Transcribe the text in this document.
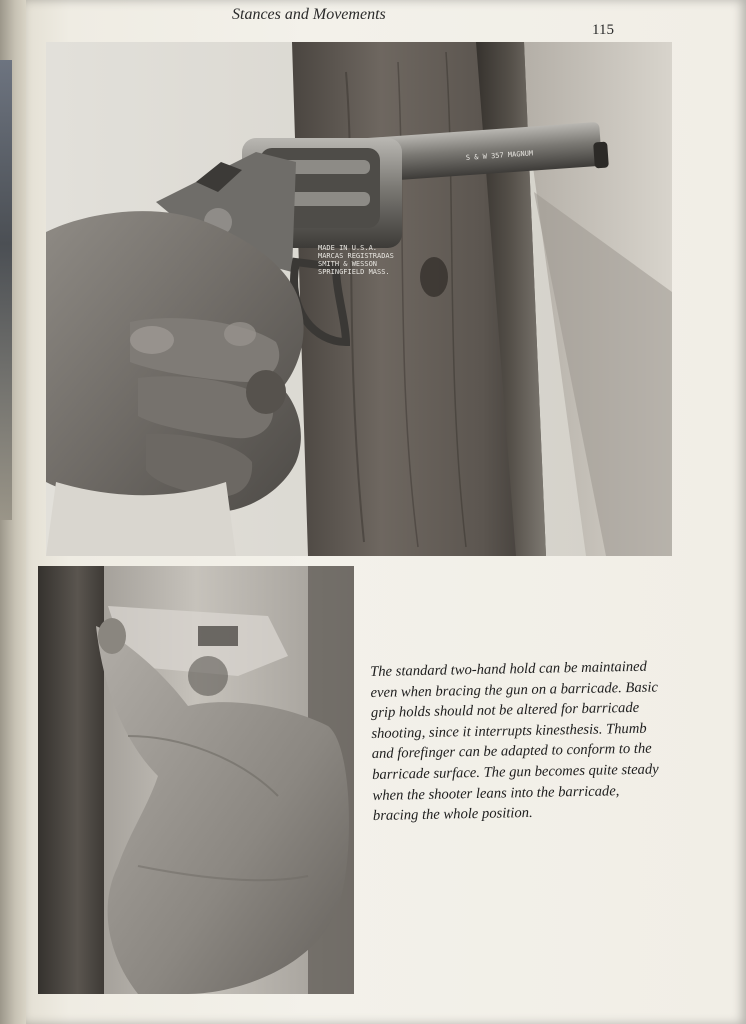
Stances and Movements
115
S & W 357 MAGNUM
MADE IN U.S.A.
MARCAS REGISTRADAS
SMITH & WESSON
SPRINGFIELD MASS.
The standard two-hand hold can be maintained
even when bracing the gun on a barricade. Basic
grip holds should not be altered for barricade
shooting, since it interrupts kinesthesis. Thumb
and forefinger can be adapted to conform to the
barricade surface. The gun becomes quite steady
when the shooter leans into the barricade,
bracing the whole position.
